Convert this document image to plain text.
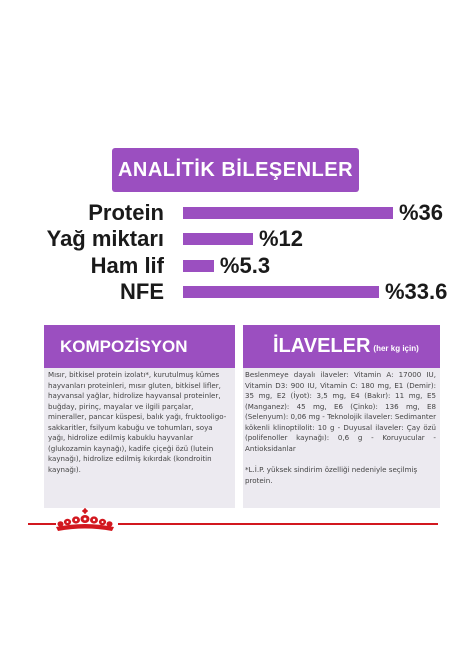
ANALİTİK BİLEŞENLER
Protein	%36
Yağ miktarı	%12
Ham lif	%5.3
NFE	%33.6
KOMPOZİSYON
Mısır, bitkisel protein izolatı*, kurutulmuş kümes hayvanları proteinleri, mısır gluten, bitkisel lifler, hayvansal yağlar, hidrolize hayvansal proteinler, buğday, pirinç, mayalar ve ilgili parçalar, mineraller, pancar küspesi, balık yağı, fruktooligo-sakkaritler, fsilyum kabuğu ve tohumları, soya yağı, hidrolize edilmiş kabuklu hayvanlar (glukozamin kaynağı), kadife çiçeği özü (lutein kaynağı), hidrolize edilmiş kıkırdak (kondroitin kaynağı).
İLAVELER (her kg için)
Beslenmeye dayalı ilaveler: Vitamin A: 17000 IU, Vitamin D3: 900 IU, Vitamin C: 180 mg, E1 (Demir): 35 mg, E2 (İyot): 3,5 mg, E4 (Bakır): 11 mg, E5 (Manganez): 45 mg, E6 (Çinko): 136 mg, E8 (Selenyum): 0,06 mg - Teknolojik ilaveler: Sedimanter kökenli klinoptilolit: 10 g - Duyusal ilaveler: Çay özü (polifenoller kaynağı): 0,6 g - Koruyucular - Antioksidanlar
*L.İ.P. yüksek sindirim özelliği nedeniyle seçilmiş protein.
